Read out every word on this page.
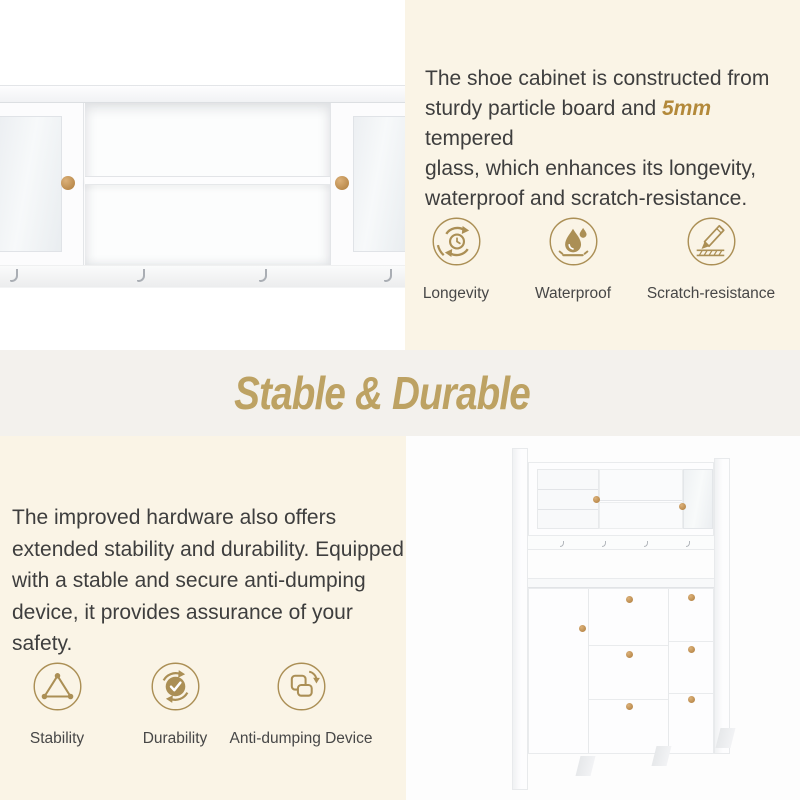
The shoe cabinet is constructed from
sturdy particle board and 5mm tempered
glass, which enhances its longevity,
waterproof and scratch-resistance.
Longevity	Waterproof	Scratch-resistance
Stable & Durable
The improved hardware also offers
extended stability and durability. Equipped
with a stable and secure anti-dumping
device, it provides assurance of your safety.
Stability	Durability	Anti-dumping Device
